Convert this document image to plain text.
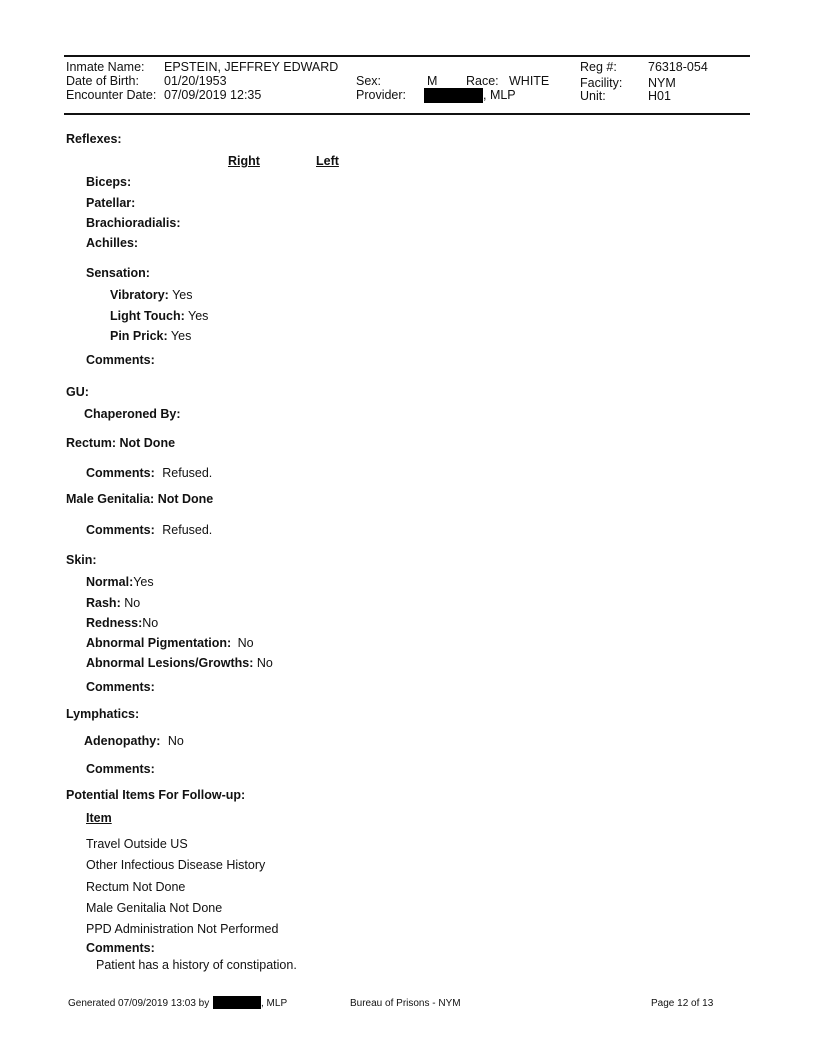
Inmate Name: EPSTEIN, JEFFREY EDWARD
Date of Birth: 01/20/1953
Encounter Date: 07/09/2019 12:35
Sex:	M Race: WHITE
Provider:	, MLP
Reg #: 76318-054
Facility: NYM
Unit:	H01
Reflexes:
Right	Left
Biceps:
Patellar:
Brachioradialis:
Achilles:
Sensation:
Vibratory: Yes
Light Touch: Yes
Pin Prick: Yes
Comments:
GU:
Chaperoned By:
Rectum: Not Done
Comments: Refused.
Male Genitalia: Not Done
Comments: Refused.
Skin:
Normal:Yes
Rash: No
Redness:No
Abnormal Pigmentation: No
Abnormal Lesions/Growths: No
Comments:
Lymphatics:
Adenopathy: No
Comments:
Potential Items For Follow-up:
Item
Travel Outside US
Other Infectious Disease History
Rectum Not Done
Male Genitalia Not Done
PPD Administration Not Performed
Comments:
Patient has a history of constipation.
Generated 07/09/2019 13:03 by	, MLP	Bureau of Prisons - NYM	Page 12 of 13
